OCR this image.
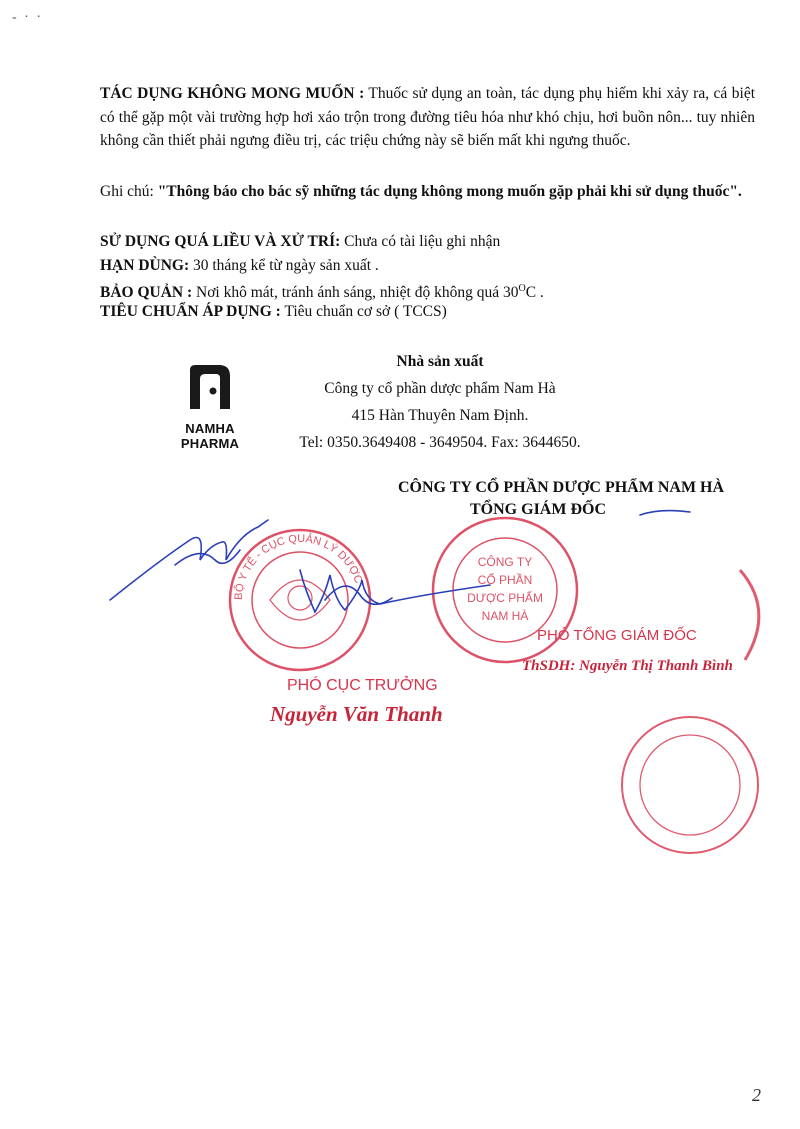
- · ·
TÁC DỤNG KHÔNG MONG MUỐN : Thuốc sử dụng an toàn, tác dụng phụ hiếm khi xảy ra, cá biệt có thể gặp một vài trường hợp hơi xáo trộn trong đường tiêu hóa như khó chịu, hơi buồn nôn... tuy nhiên không cần thiết phải ngưng điều trị, các triệu chứng này sẽ biến mất khi ngưng thuốc.
Ghi chú: "Thông báo cho bác sỹ những tác dụng không mong muốn gặp phải khi sử dụng thuốc".
SỬ DỤNG QUÁ LIỀU VÀ XỬ TRÍ: Chưa có tài liệu ghi nhận
HẠN DÙNG: 30 tháng kể từ ngày sản xuất .
BẢO QUẢN : Nơi khô mát, tránh ánh sáng, nhiệt độ không quá $30^OC$ .
TIÊU CHUẨN ÁP DỤNG : Tiêu chuẩn cơ sở ( TCCS)
NAMHA PHARMA
Nhà sản xuất
Công ty cổ phần dược phẩm Nam Hà
415 Hàn Thuyên Nam Định.
Tel: 0350.3649408 - 3649504. Fax: 3644650.
CÔNG TY CỔ PHẦN DƯỢC PHẨM NAM HÀ
TỔNG GIÁM ĐỐC
BỘ Y TẾ - CỤC QUẢN LÝ DƯỢC
CÔNG TY
CỔ PHẦN
DƯỢC PHẨM
NAM HÀ
PHÓ TỔNG GIÁM ĐỐC
ThSDH: Nguyễn Thị Thanh Bình
PHÓ CỤC TRƯỞNG
Nguyễn Văn Thanh
2
